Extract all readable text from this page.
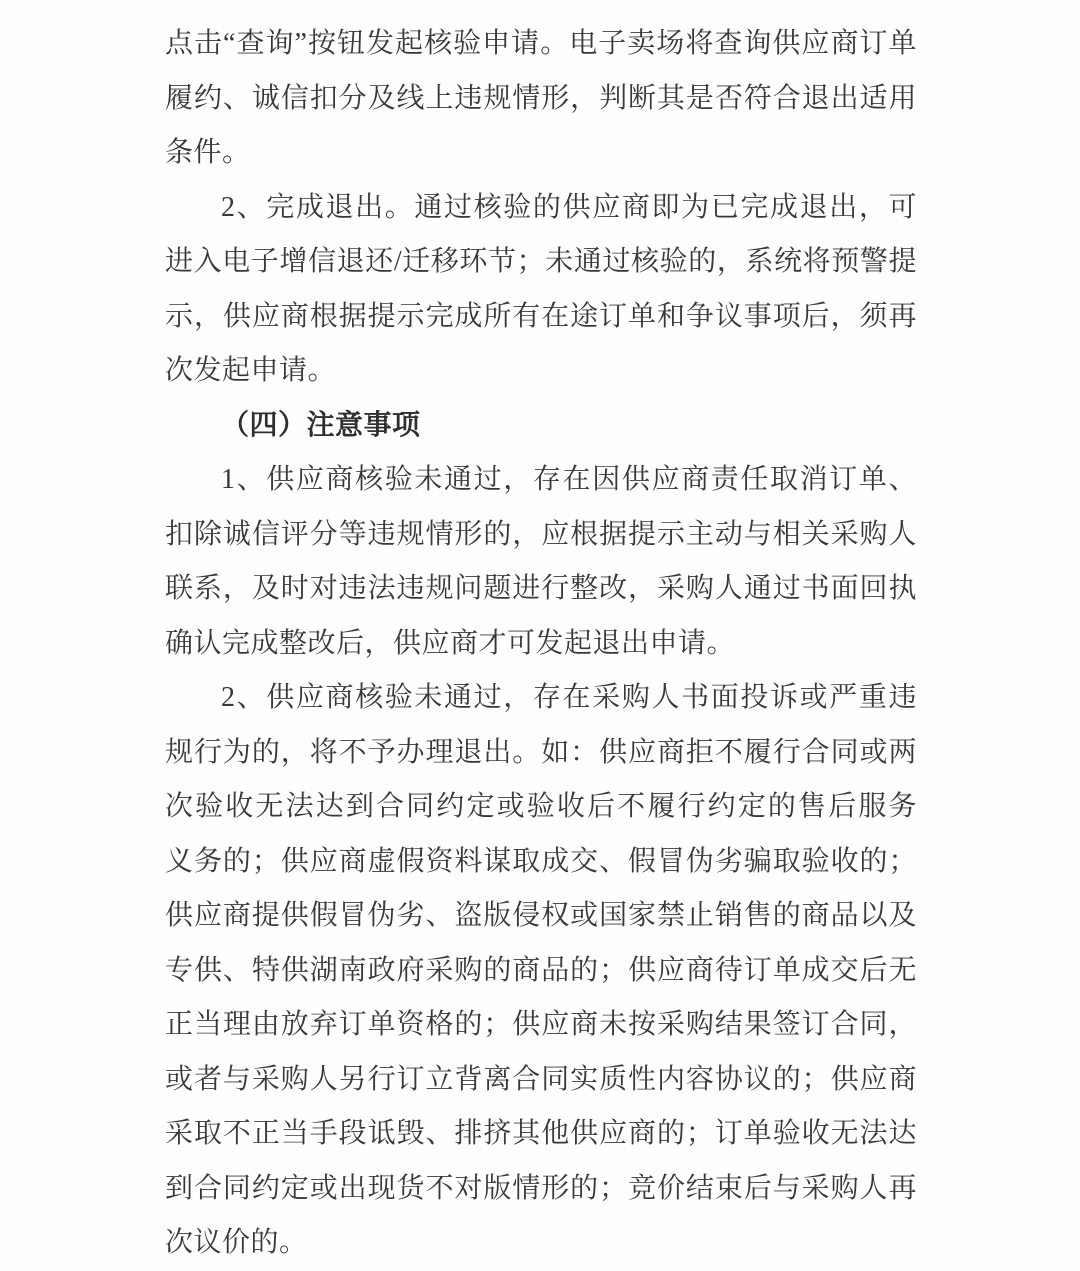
点击“查询”按钮发起核验申请。电子卖场将查询供应商订单
履约、诚信扣分及线上违规情形，判断其是否符合退出适用
条件。
2、完成退出。通过核验的供应商即为已完成退出，可
进入电子增信退还/迁移环节；未通过核验的，系统将预警提
示，供应商根据提示完成所有在途订单和争议事项后，须再
次发起申请。
（四）注意事项
1、供应商核验未通过，存在因供应商责任取消订单、
扣除诚信评分等违规情形的，应根据提示主动与相关采购人
联系，及时对违法违规问题进行整改，采购人通过书面回执
确认完成整改后，供应商才可发起退出申请。
2、供应商核验未通过，存在采购人书面投诉或严重违
规行为的，将不予办理退出。如：供应商拒不履行合同或两
次验收无法达到合同约定或验收后不履行约定的售后服务
义务的；供应商虚假资料谋取成交、假冒伪劣骗取验收的；
供应商提供假冒伪劣、盗版侵权或国家禁止销售的商品以及
专供、特供湖南政府采购的商品的；供应商待订单成交后无
正当理由放弃订单资格的；供应商未按采购结果签订合同，
或者与采购人另行订立背离合同实质性内容协议的；供应商
采取不正当手段诋毁、排挤其他供应商的；订单验收无法达
到合同约定或出现货不对版情形的；竞价结束后与采购人再
次议价的。
